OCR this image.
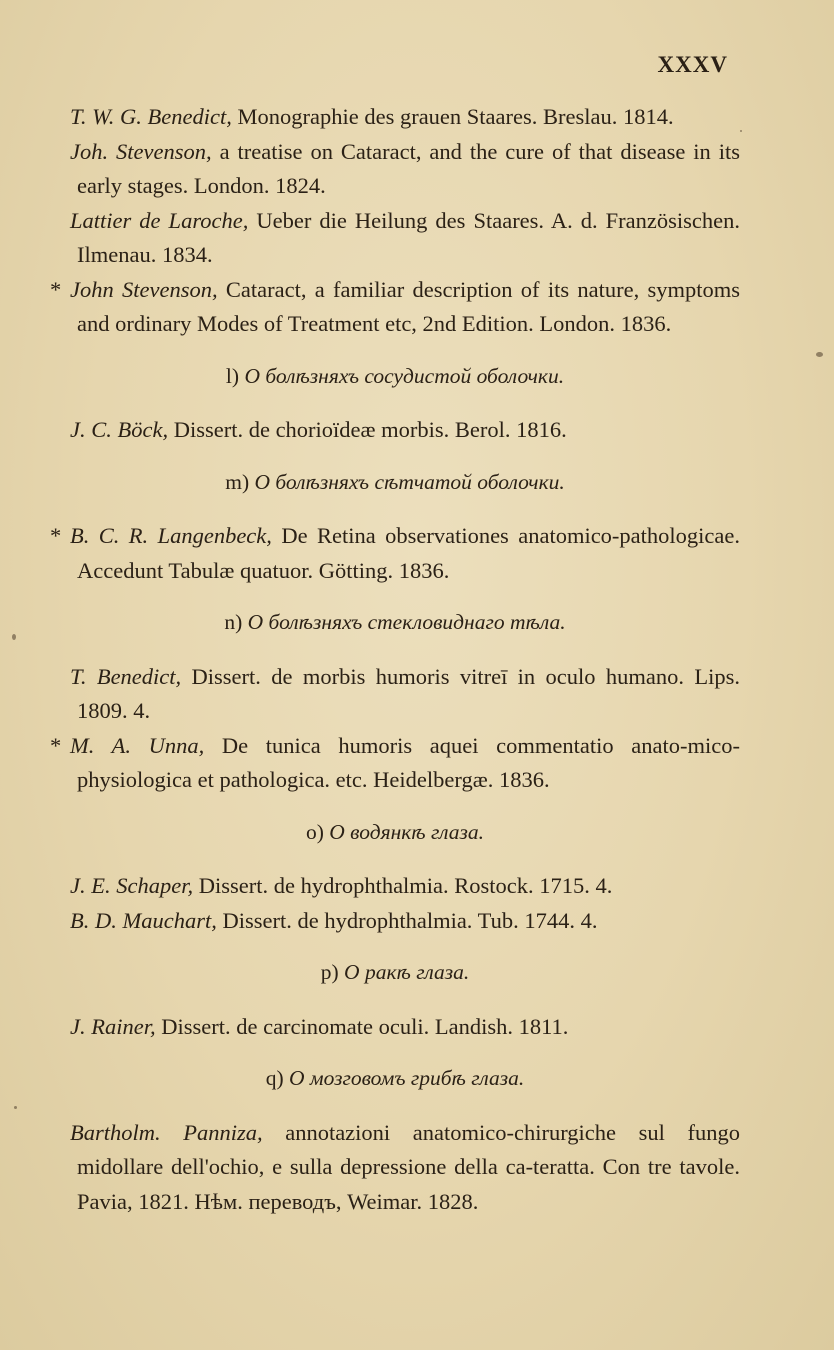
XXXV

T. W. G. Benedict, Monographie des grauen Staares. Breslau. 1814.

Joh. Stevenson, a treatise on Cataract, and the cure of that disease in its early stages. London. 1824.

Lattier de Laroche, Ueber die Heilung des Staares. A. d. Französischen. Ilmenau. 1834.

* John Stevenson, Cataract, a familiar description of its nature, symptoms and ordinary Modes of Treatment etc, 2nd Edition. London. 1836.

l) О болѣзняхъ сосудистой оболочки.

J. C. Böck, Dissert. de chorioïdeæ morbis. Berol. 1816.

m) О болѣзняхъ сѣтчатой оболочки.

* B. C. R. Langenbeck, De Retina observationes anatomico-pathologicae. Accedunt Tabulæ quatuor. Götting. 1836.

n) О болѣзняхъ стекловиднаго тѣла.

T. Benedict, Dissert. de morbis humoris vitreī in oculo humano. Lips. 1809. 4.

* M. A. Unna, De tunica humoris aquei commentatio anato-mico-physiologica et pathologica. etc. Heidelbergæ. 1836.

o) О водянкѣ глаза.

J. E. Schaper, Dissert. de hydrophthalmia. Rostock. 1715. 4.

B. D. Mauchart, Dissert. de hydrophthalmia. Tub. 1744. 4.

p) О ракѣ глаза.

J. Rainer, Dissert. de carcinomate oculi. Landish. 1811.

q) О мозговомъ грибѣ глаза.

Bartholm. Panniza, annotazioni anatomico-chirurgiche sul fungo midollare dell'ochio, e sulla depressione della ca-teratta. Con tre tavole. Pavia, 1821. Нѣм. переводъ, Weimar. 1828.
